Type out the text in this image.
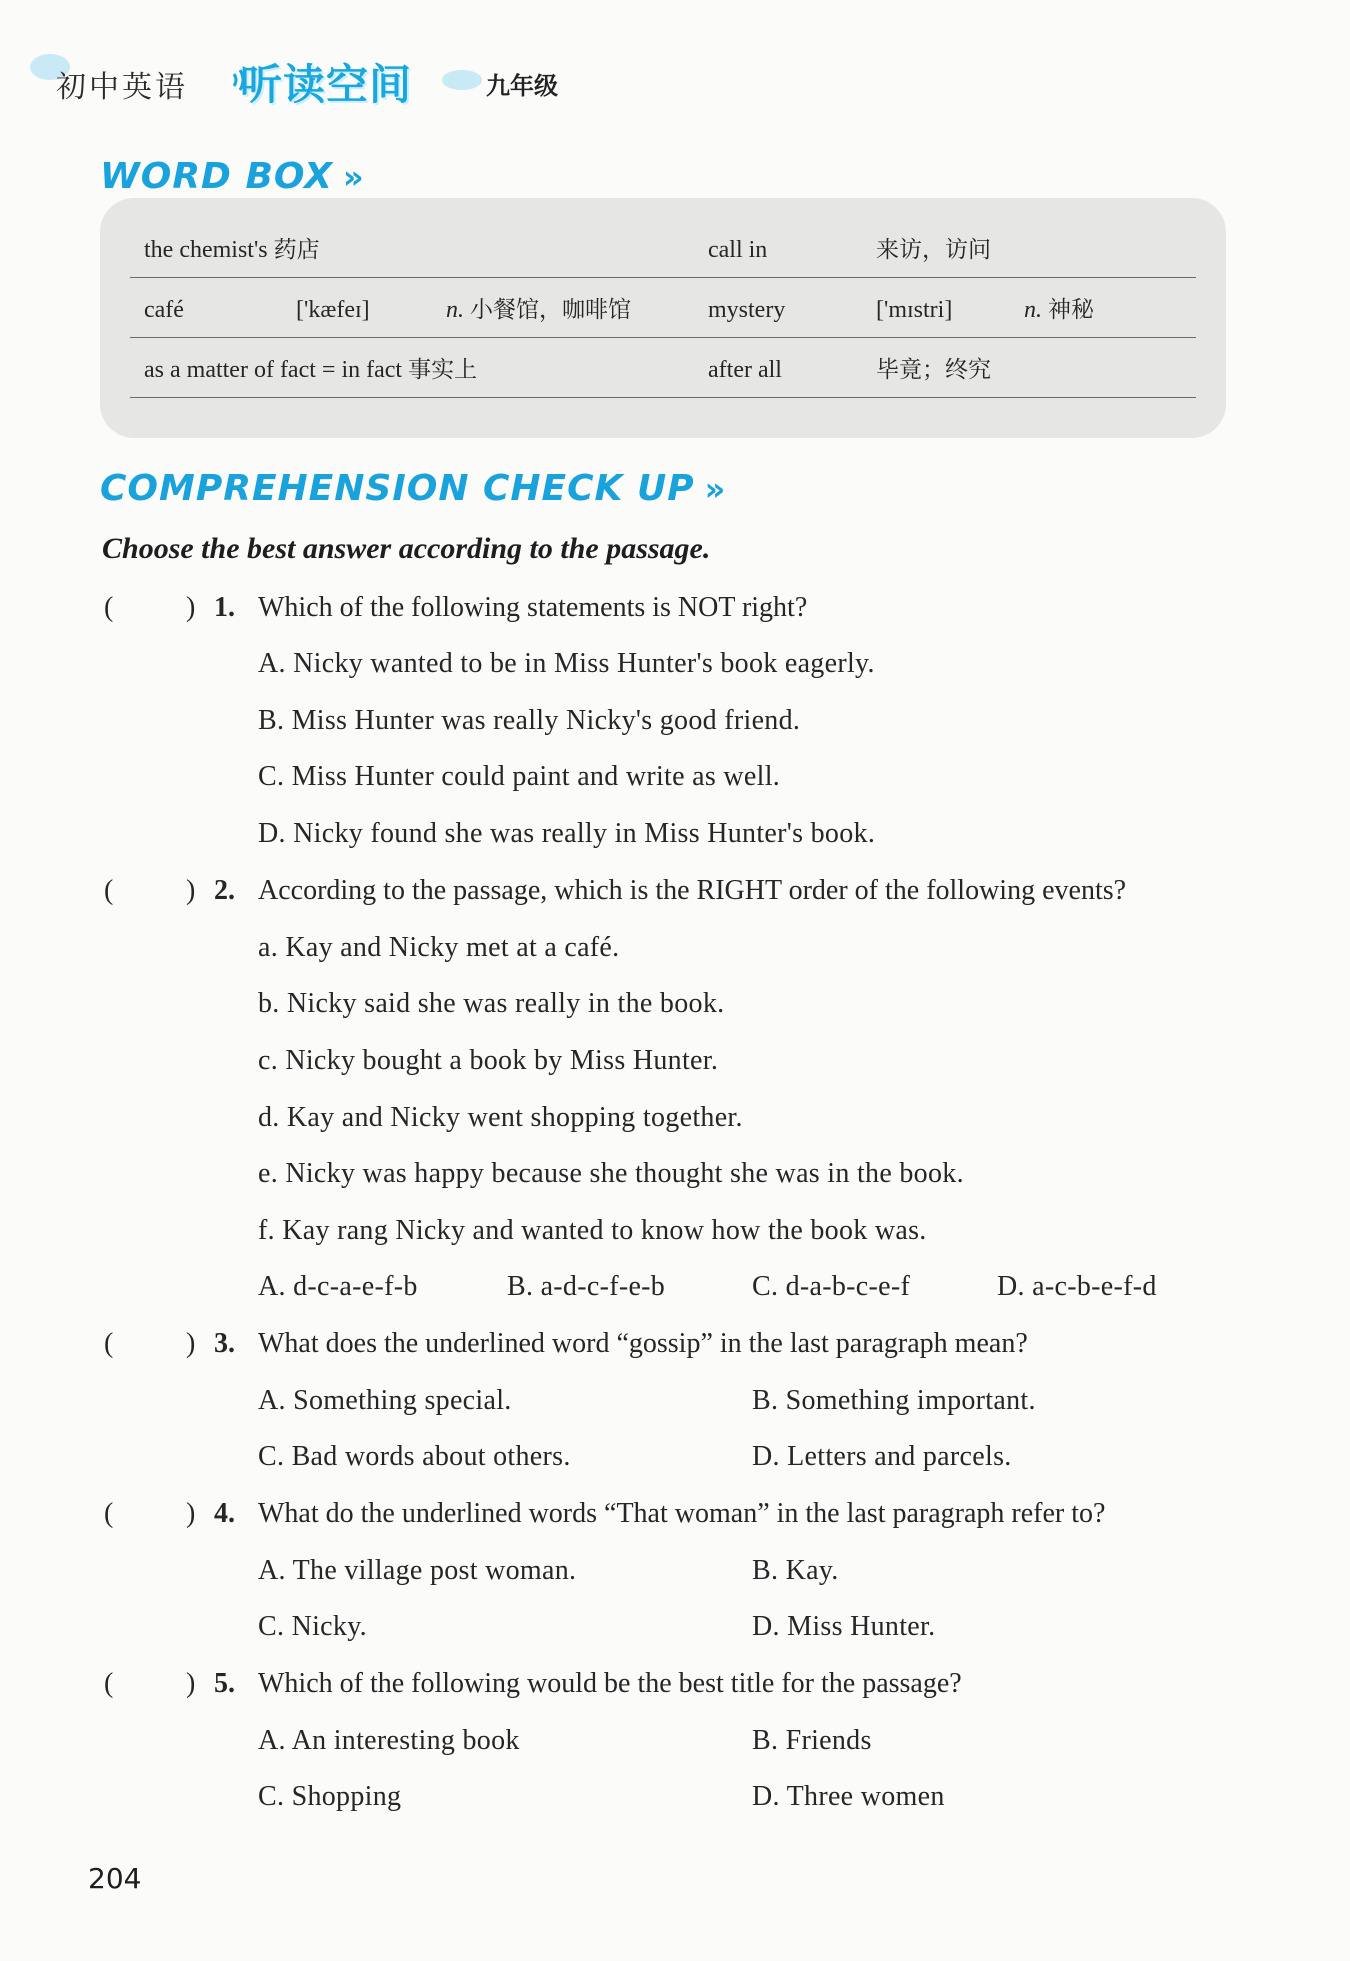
初中英语 听读空间	九年级
WORD BOX »
the chemist's 药店	call in	来访，访问
café	['kæfeɪ]	n. 小餐馆，咖啡馆	mystery	['mɪstri]	n. 神秘
as a matter of fact = in fact 事实上	after all	毕竟；终究
COMPREHENSION CHECK UP »
Choose the best answer according to the passage.
(	) 1. Which of the following statements is NOT right?
A. Nicky wanted to be in Miss Hunter's book eagerly.
B. Miss Hunter was really Nicky's good friend.
C. Miss Hunter could paint and write as well.
D. Nicky found she was really in Miss Hunter's book.
(	) 2. According to the passage, which is the RIGHT order of the following events?
a. Kay and Nicky met at a café.
b. Nicky said she was really in the book.
c. Nicky bought a book by Miss Hunter.
d. Kay and Nicky went shopping together.
e. Nicky was happy because she thought she was in the book.
f. Kay rang Nicky and wanted to know how the book was.
A. d-c-a-e-f-b	B. a-d-c-f-e-b	C. d-a-b-c-e-f	D. a-c-b-e-f-d
(	) 3. What does the underlined word “gossip” in the last paragraph mean?
A. Something special.	B. Something important.
C. Bad words about others.	D. Letters and parcels.
(	) 4. What do the underlined words “That woman” in the last paragraph refer to?
A. The village post woman.	B. Kay.
C. Nicky.	D. Miss Hunter.
(	) 5. Which of the following would be the best title for the passage?
A. An interesting book	B. Friends
C. Shopping	D. Three women
204
